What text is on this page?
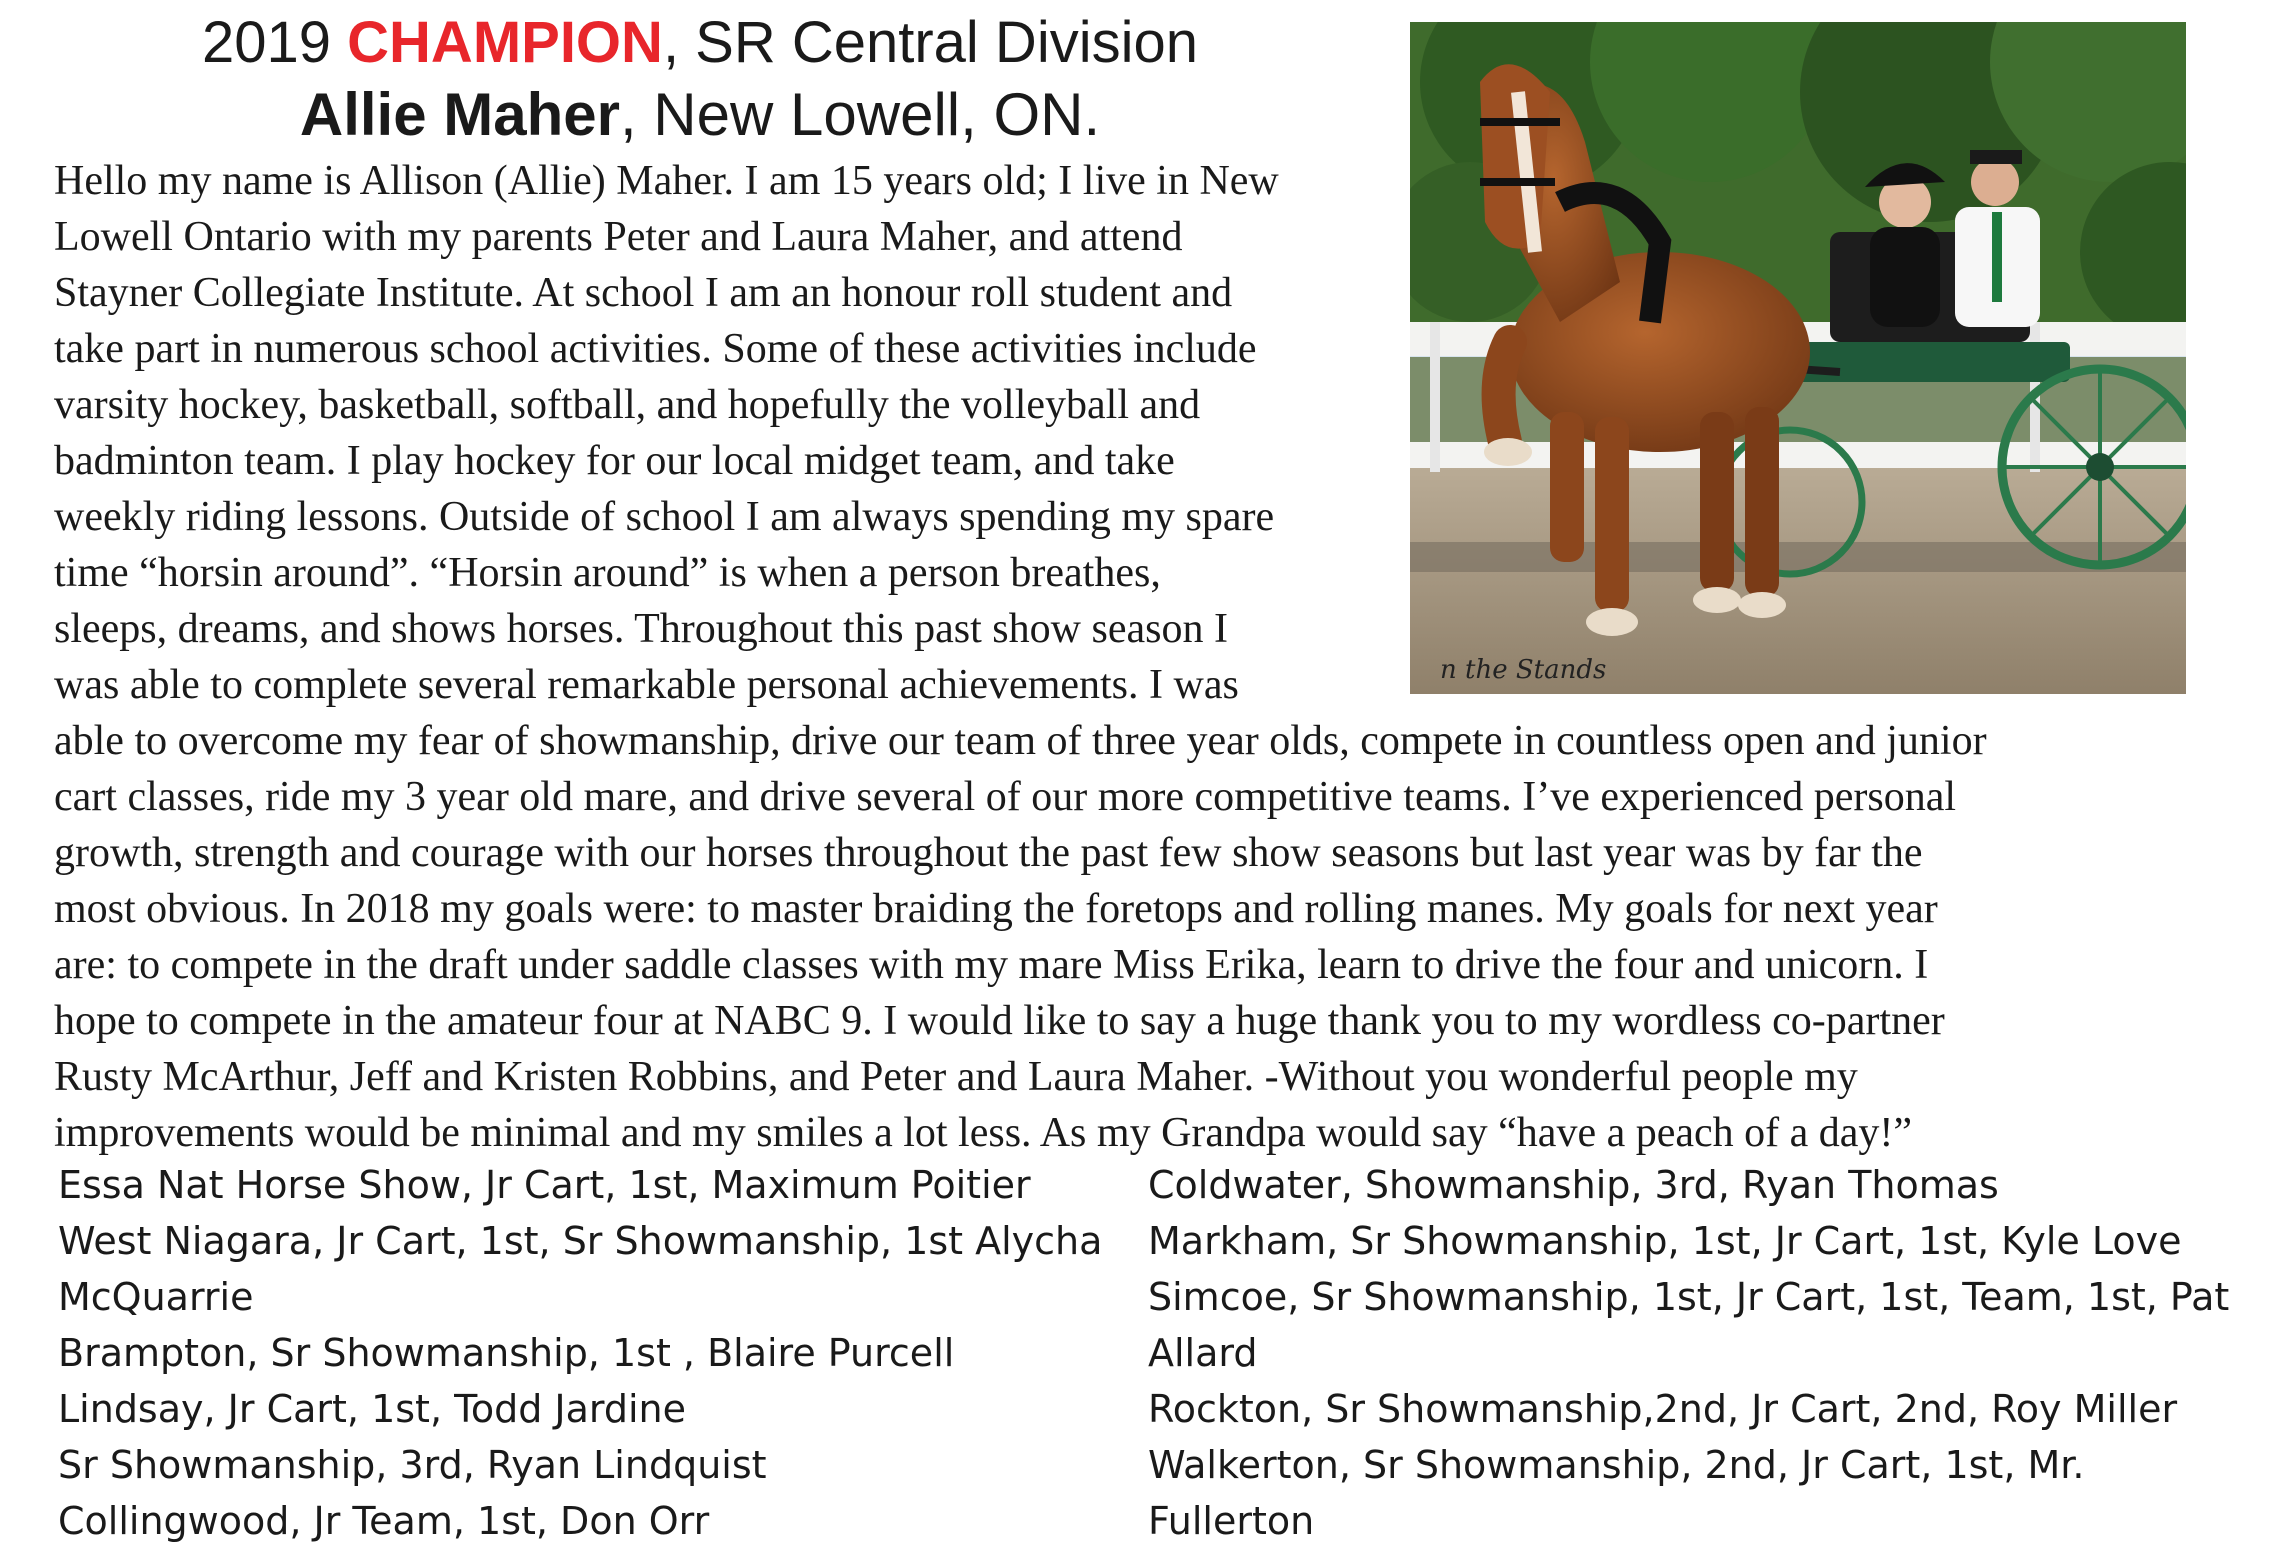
2019 CHAMPION, SR Central Division
Allie Maher, New Lowell, ON.
n the Stands
Hello my name is Allison (Allie) Maher. I am 15 years old; I live in New
Lowell Ontario with my parents Peter and Laura Maher, and attend
Stayner Collegiate Institute. At school I am an honour roll student and
take part in numerous school activities. Some of these activities include
varsity hockey, basketball, softball, and hopefully the volleyball and
badminton team. I play hockey for our local midget team, and take
weekly riding lessons. Outside of school I am always spending my spare
time “horsin around”. “Horsin around” is when a person breathes,
sleeps, dreams, and shows horses. Throughout this past show season I
was able to complete several remarkable personal achievements. I was
able to overcome my fear of showmanship, drive our team of three year olds, compete in countless open and junior
cart classes, ride my 3 year old mare, and drive several of our more competitive teams. I’ve experienced personal
growth, strength and courage with our horses throughout the past few show seasons but last year was by far the
most obvious. In 2018 my goals were: to master braiding the foretops and rolling manes. My goals for next year
are: to compete in the draft under saddle classes with my mare Miss Erika, learn to drive the four and unicorn. I
hope to compete in the amateur four at NABC 9. I would like to say a huge thank you to my wordless co-partner
Rusty McArthur, Jeff and Kristen Robbins, and Peter and Laura Maher. -Without you wonderful people my
improvements would be minimal and my smiles a lot less. As my Grandpa would say “have a peach of a day!”
Essa Nat Horse Show, Jr Cart, 1st, Maximum Poitier
West Niagara, Jr Cart, 1st, Sr Showmanship, 1st Alycha
McQuarrie
Brampton, Sr Showmanship, 1st , Blaire Purcell
Lindsay, Jr Cart, 1st, Todd Jardine
Sr Showmanship, 3rd, Ryan Lindquist
Collingwood, Jr Team, 1st, Don Orr
Coldwater, Showmanship, 3rd, Ryan Thomas
Markham, Sr Showmanship, 1st, Jr Cart, 1st, Kyle Love
Simcoe, Sr Showmanship, 1st, Jr Cart, 1st, Team, 1st, Pat
Allard
Rockton, Sr Showmanship,2nd, Jr Cart, 2nd, Roy Miller
Walkerton, Sr Showmanship, 2nd, Jr Cart, 1st, Mr.
Fullerton
